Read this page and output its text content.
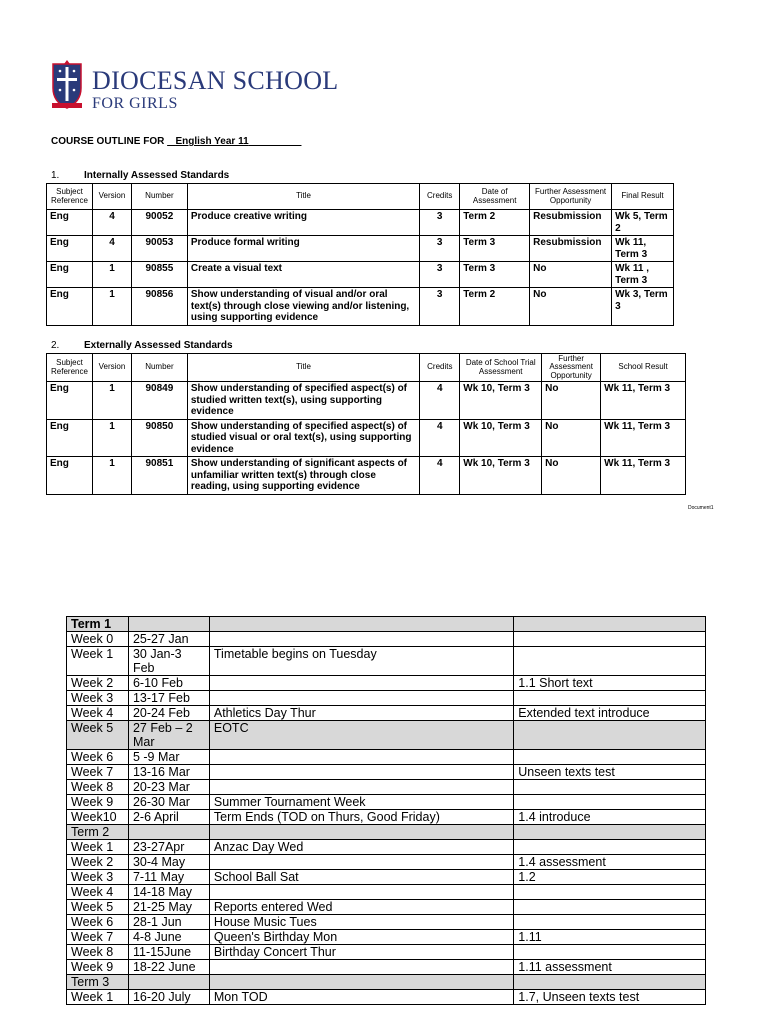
DIOCESAN SCHOOL
FOR GIRLS
COURSE OUTLINE FOR English Year 11
1. Internally Assessed Standards
Subject Reference	Version	Number	Title	Credits	Date of Assessment	Further Assessment Opportunity	Final Result
Eng	4	90052	Produce creative writing	3	Term 2	Resubmission	Wk 5, Term 2
Eng	4	90053	Produce formal writing	3	Term 3	Resubmission	Wk 11, Term 3
Eng	1	90855	Create a visual text	3	Term 3	No	Wk 11 , Term 3
Eng	1	90856	Show understanding of visual and/or oral text(s) through close viewing and/or listening, using supporting evidence	3	Term 2	No	Wk 3, Term 3
2. Externally Assessed Standards
Subject Reference	Version	Number	Title	Credits	Date of School Trial Assessment	Further Assessment Opportunity	School Result
Eng	1	90849	Show understanding of specified aspect(s) of studied written text(s), using supporting evidence	4	Wk 10, Term 3	No	Wk 11, Term 3
Eng	1	90850	Show understanding of specified aspect(s) of studied visual or oral text(s), using supporting evidence	4	Wk 10, Term 3	No	Wk 11, Term 3
Eng	1	90851	Show understanding of significant aspects of unfamiliar written text(s) through close reading, using supporting evidence	4	Wk 10, Term 3	No	Wk 11, Term 3
Document1
Term 1			
Week 0	25-27 Jan		
Week 1	30 Jan-3 Feb	Timetable begins on Tuesday	
Week 2	6-10 Feb		1.1 Short text
Week 3	13-17 Feb		
Week 4	20-24 Feb	Athletics Day Thur	Extended text introduce
Week 5	27 Feb – 2 Mar	EOTC	
Week 6	5 -9 Mar		
Week 7	13-16 Mar		Unseen texts test
Week 8	20-23 Mar		
Week 9	26-30 Mar	Summer Tournament Week	
Week10	2-6 April	Term Ends (TOD on Thurs, Good Friday)	1.4 introduce
Term 2			
Week 1	23-27Apr	Anzac Day Wed	
Week 2	30-4 May		1.4 assessment
Week 3	7-11 May	School Ball Sat	1.2
Week 4	14-18 May		
Week 5	21-25 May	Reports entered Wed	
Week 6	28-1 Jun	House Music Tues	
Week 7	4-8 June	Queen's Birthday Mon	1.11
Week 8	11-15June	Birthday Concert Thur	
Week 9	18-22 June		1.11 assessment
Term 3			
Week 1	16-20 July	Mon TOD	1.7, Unseen texts test
